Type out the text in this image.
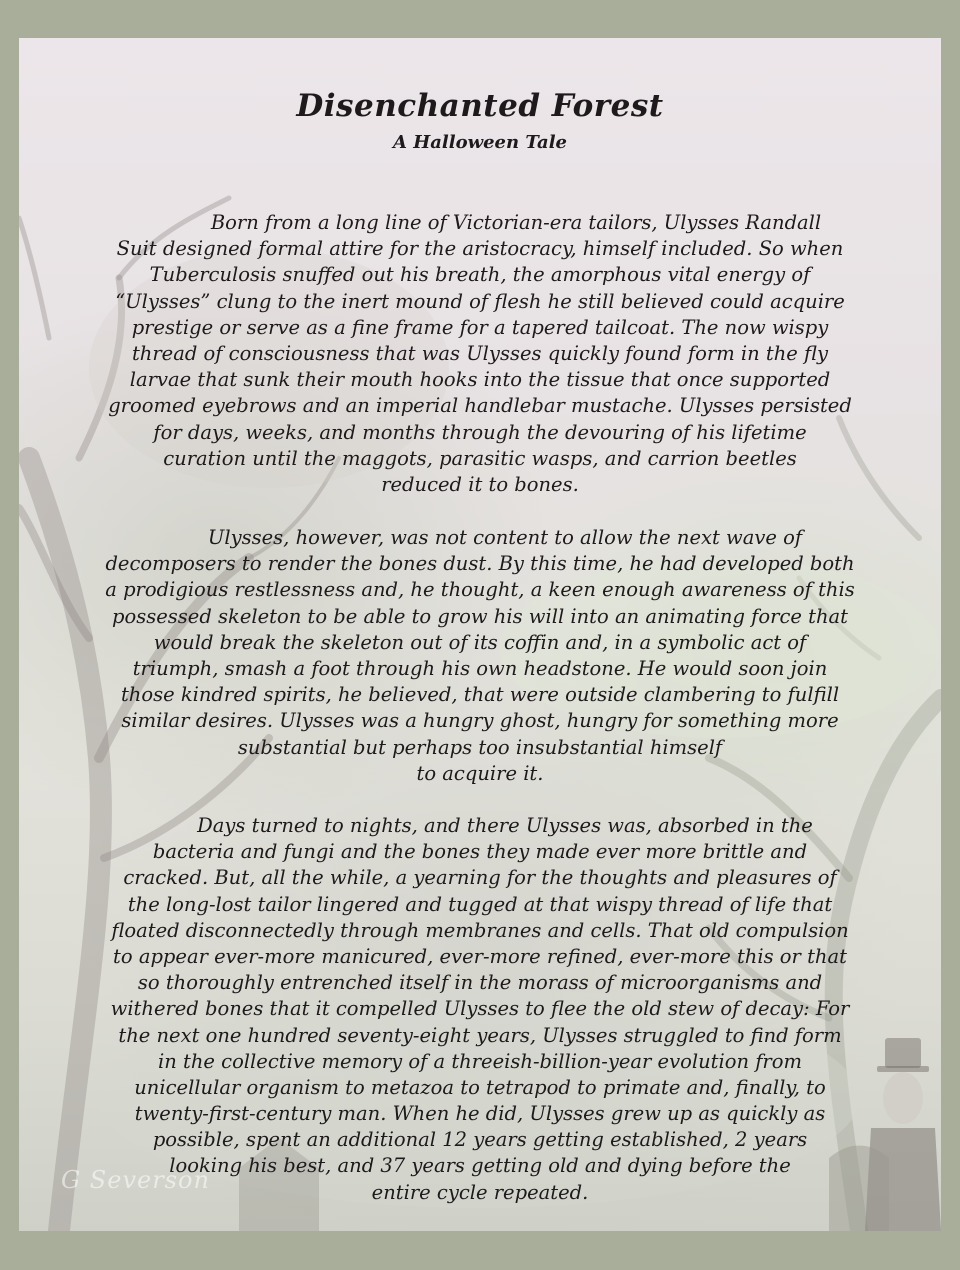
Disenchanted Forest
A Halloween Tale

Born from a long line of Victorian-era tailors, Ulysses Randall
Suit designed formal attire for the aristocracy, himself included. So when
Tuberculosis snuffed out his breath, the amorphous vital energy of
“Ulysses” clung to the inert mound of flesh he still believed could acquire
prestige or serve as a fine frame for a tapered tailcoat. The now wispy
thread of consciousness that was Ulysses quickly found form in the fly
larvae that sunk their mouth hooks into the tissue that once supported
groomed eyebrows and an imperial handlebar mustache. Ulysses persisted
for days, weeks, and months through the devouring of his lifetime
curation until the maggots, parasitic wasps, and carrion beetles
reduced it to bones.

Ulysses, however, was not content to allow the next wave of
decomposers to render the bones dust. By this time, he had developed both
a prodigious restlessness and, he thought, a keen enough awareness of this
possessed skeleton to be able to grow his will into an animating force that
would break the skeleton out of its coffin and, in a symbolic act of
triumph, smash a foot through his own headstone. He would soon join
those kindred spirits, he believed, that were outside clambering to fulfill
similar desires. Ulysses was a hungry ghost, hungry for something more
substantial but perhaps too insubstantial himself
to acquire it.

Days turned to nights, and there Ulysses was, absorbed in the
bacteria and fungi and the bones they made ever more brittle and
cracked. But, all the while, a yearning for the thoughts and pleasures of
the long-lost tailor lingered and tugged at that wispy thread of life that
floated disconnectedly through membranes and cells. That old compulsion
to appear ever-more manicured, ever-more refined, ever-more this or that
so thoroughly entrenched itself in the morass of microorganisms and
withered bones that it compelled Ulysses to flee the old stew of decay: For
the next one hundred seventy-eight years, Ulysses struggled to find form
in the collective memory of a threeish-billion-year evolution from
unicellular organism to metazoa to tetrapod to primate and, finally, to
twenty-first-century man. When he did, Ulysses grew up as quickly as
possible, spent an additional 12 years getting established, 2 years
looking his best, and 37 years getting old and dying before the
entire cycle repeated.

G Severson
